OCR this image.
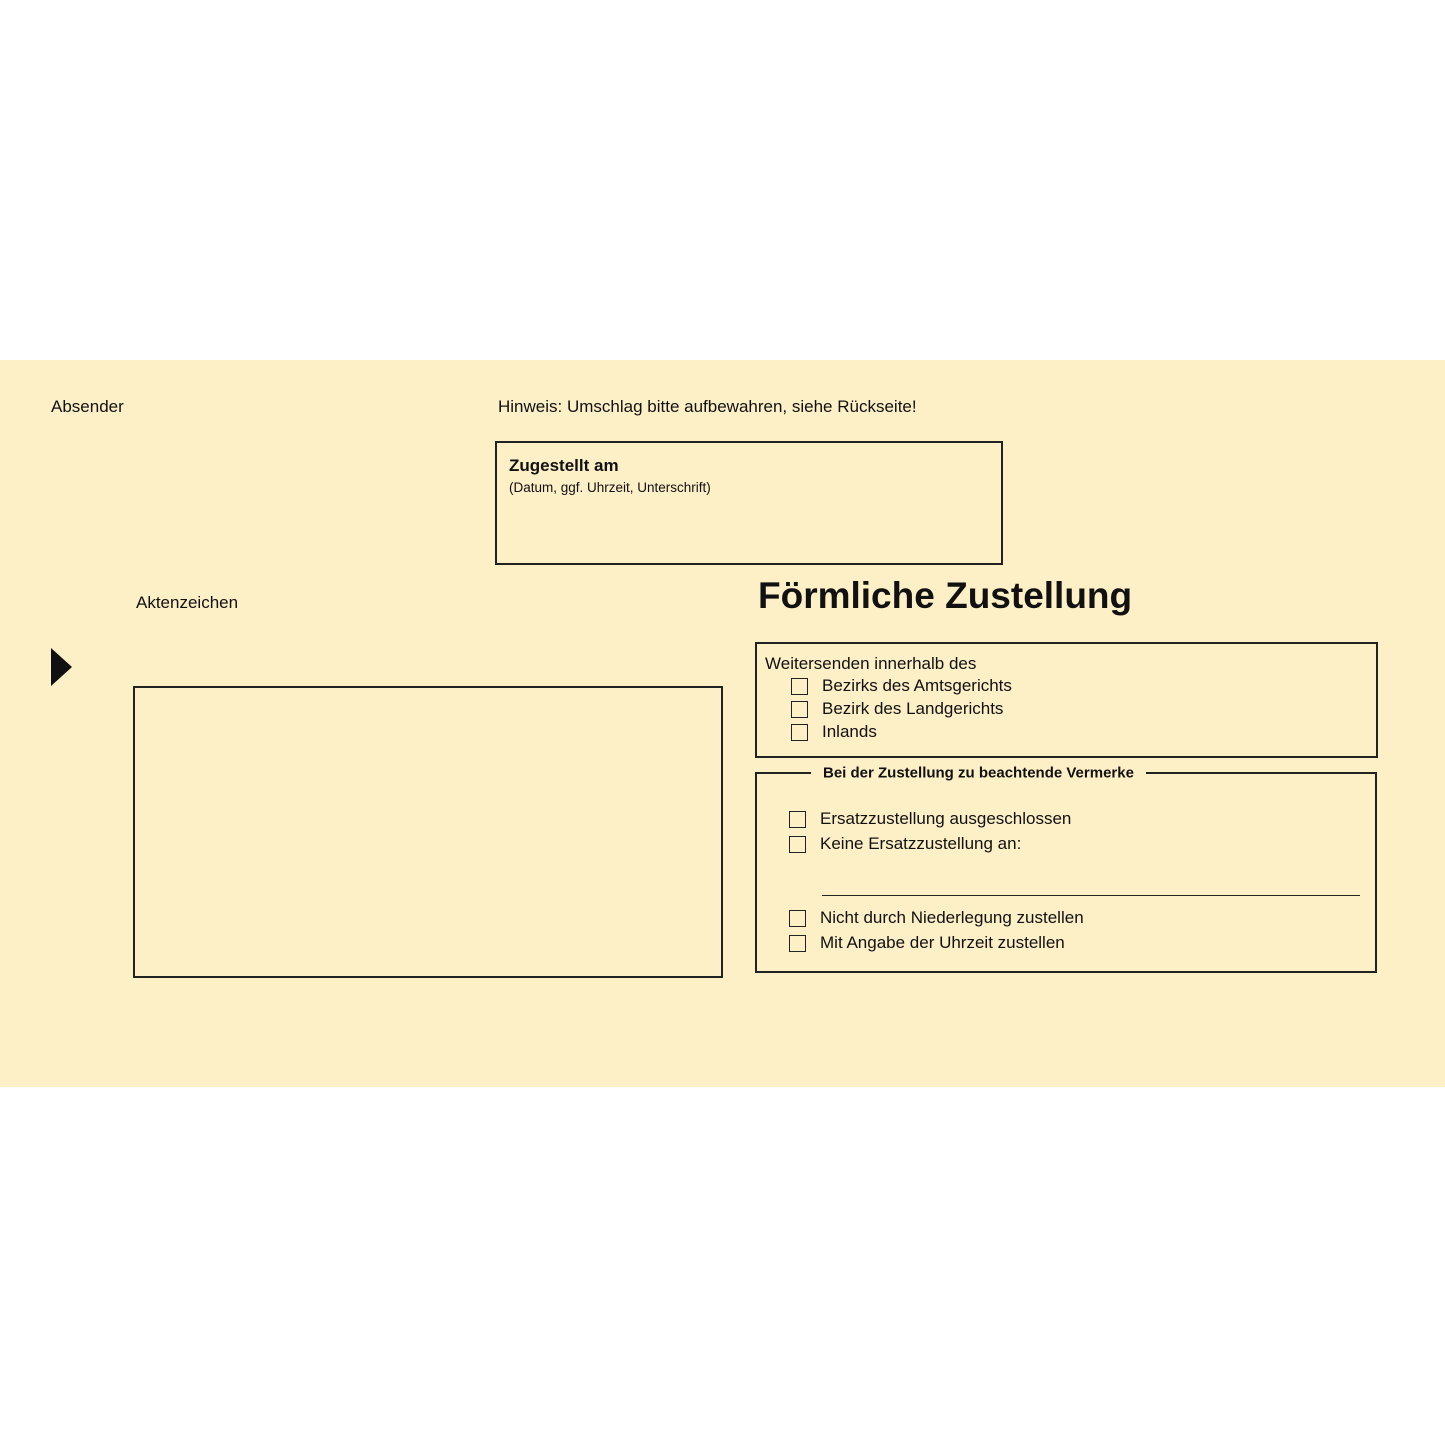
Absender	Hinweis: Umschlag bitte aufbewahren, siehe Rückseite!
Zugestellt am
(Datum, ggf. Uhrzeit, Unterschrift)
Aktenzeichen	Förmliche Zustellung
Weitersenden innerhalb des
Bezirks des Amtsgerichts
Bezirk des Landgerichts
Inlands
Bei der Zustellung zu beachtende Vermerke
Ersatzzustellung ausgeschlossen
Keine Ersatzzustellung an:
Nicht durch Niederlegung zustellen
Mit Angabe der Uhrzeit zustellen
